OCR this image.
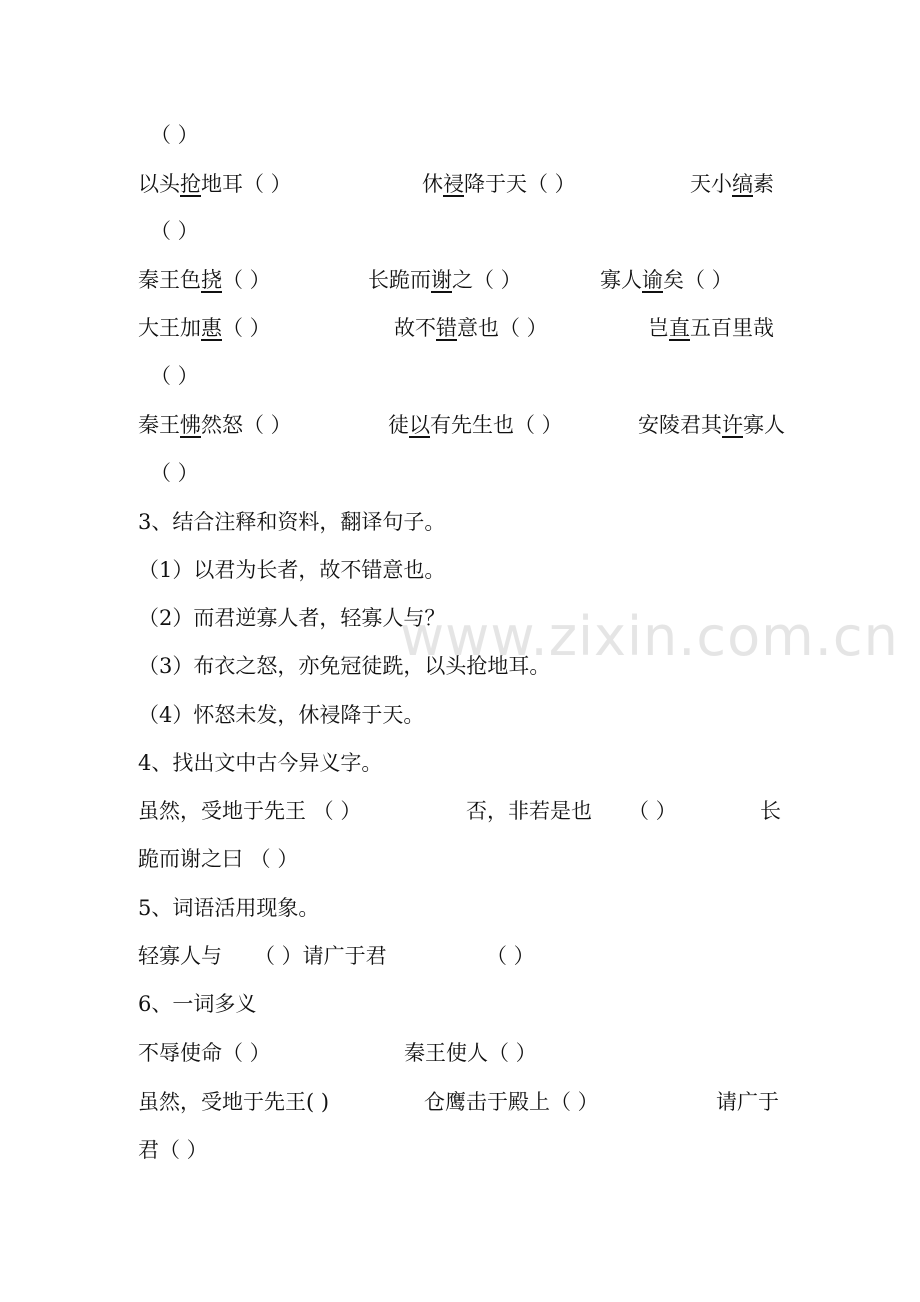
www.zixin.com.cn
（ ）
以头抢地耳（ ）	休祲降于天（ ）	天小缟素
（ ）
秦王色挠（ ）	长跪而谢之（ ）	寡人谕矣（ ）
大王加惠（ ）	故不错意也（ ）	岂直五百里哉
（ ）
秦王怫然怒（ ）	徒以有先生也（ ）	安陵君其许寡人
（ ）
3、结合注释和资料，翻译句子。
（1）以君为长者，故不错意也。
（2）而君逆寡人者，轻寡人与？
（3）布衣之怒，亦免冠徒跣，以头抢地耳。
（4）怀怒未发，休祲降于天。
4、找出文中古今异义字。
虽然，受地于先王 （ ）	否，非若是也 （ ）	长
跪而谢之曰 （ ）
5、词语活用现象。
轻寡人与 （ ）请广于君	（ ）
6、一词多义
不辱使命（ ）	秦王使人（ ）
虽然，受地于先王( )	仓鹰击于殿上（ ）	请广于
君（ ）
